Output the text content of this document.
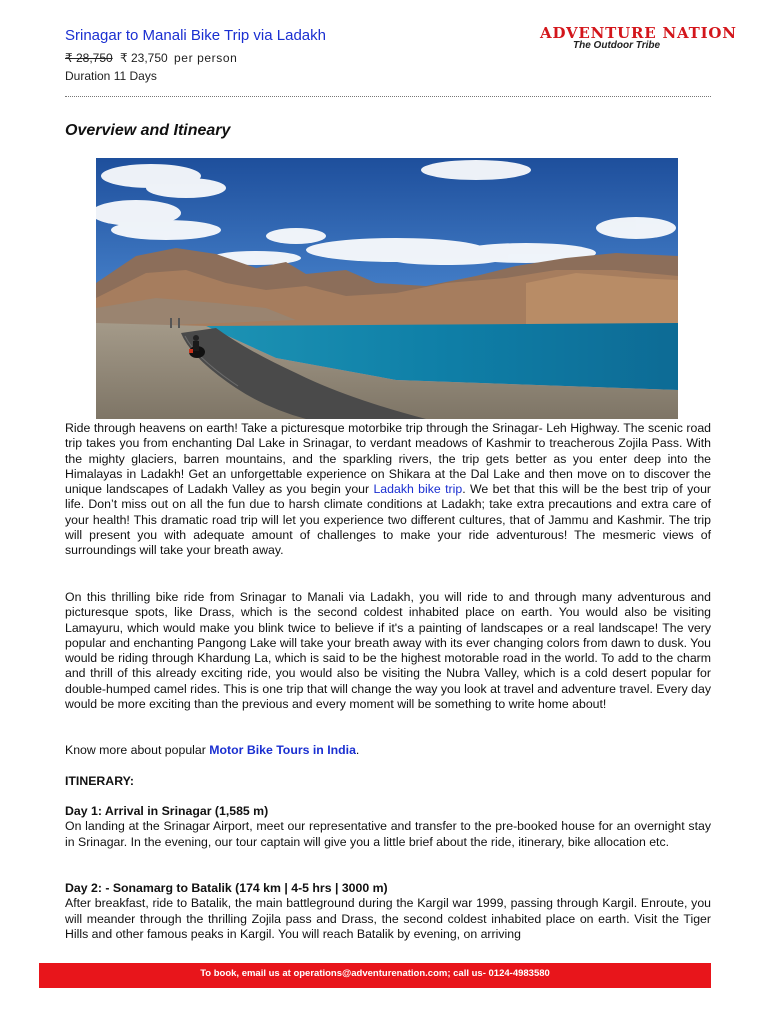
Srinagar to Manali Bike Trip via Ladakh
₹ 28,750 ₹ 23,750 per person
Duration 11 Days
ADVENTURE NATION
The Outdoor Tribe
Overview and Itineary
Ride through heavens on earth! Take a picturesque motorbike trip through the Srinagar- Leh Highway. The scenic road trip takes you from enchanting Dal Lake in Srinagar, to verdant meadows of Kashmir to treacherous Zojila Pass. With the mighty glaciers, barren mountains, and the sparkling rivers, the trip gets better as you enter deep into the Himalayas in Ladakh! Get an unforgettable experience on Shikara at the Dal Lake and then move on to discover the unique landscapes of Ladakh Valley as you begin your Ladakh bike trip. We bet that this will be the best trip of your life. Don’t miss out on all the fun due to harsh climate conditions at Ladakh; take extra precautions and extra care of your health! This dramatic road trip will let you experience two different cultures, that of Jammu and Kashmir. The trip will present you with adequate amount of challenges to make your ride adventurous! The mesmeric views of surroundings will take your breath away.
On this thrilling bike ride from Srinagar to Manali via Ladakh, you will ride to and through many adventurous and picturesque spots, like Drass, which is the second coldest inhabited place on earth. You would also be visiting Lamayuru, which would make you blink twice to believe if it's a painting of landscapes or a real landscape! The very popular and enchanting Pangong Lake will take your breath away with its ever changing colors from dawn to dusk. You would be riding through Khardung La, which is said to be the highest motorable road in the world. To add to the charm and thrill of this already exciting ride, you would also be visiting the Nubra Valley, which is a cold desert popular for double-humped camel rides. This is one trip that will change the way you look at travel and adventure travel. Every day would be more exciting than the previous and every moment will be something to write home about!
Know more about popular Motor Bike Tours in India.
ITINERARY:
Day 1: Arrival in Srinagar (1,585 m)
On landing at the Srinagar Airport, meet our representative and transfer to the pre-booked house for an overnight stay in Srinagar. In the evening, our tour captain will give you a little brief about the ride, itinerary, bike allocation etc.
Day 2: - Sonamarg to Batalik (174 km | 4-5 hrs | 3000 m)
After breakfast, ride to Batalik, the main battleground during the Kargil war 1999, passing through Kargil. Enroute, you will meander through the thrilling Zojila pass and Drass, the second coldest inhabited place on earth. Visit the Tiger Hills and other famous peaks in Kargil. You will reach Batalik by evening, on arriving
To book, email us at operations@adventurenation.com; call us- 0124-4983580
